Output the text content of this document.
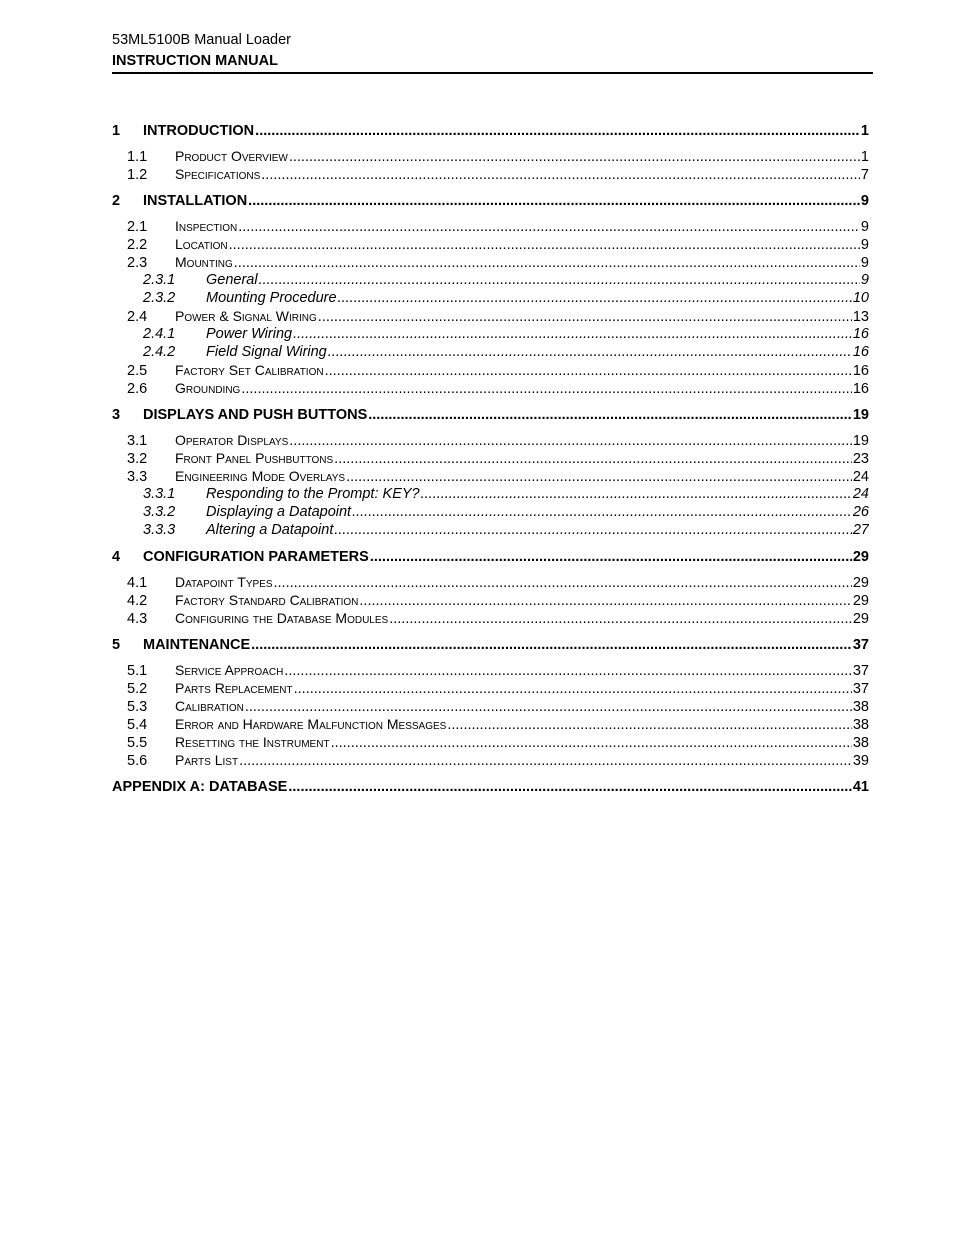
53ML5100B Manual Loader
INSTRUCTION MANUAL
1	INTRODUCTION .....	1
1.1	Product Overview .....	1
1.2	Specifications .....	7
2	INSTALLATION .....	9
2.1	Inspection .....	9
2.2	Location .....	9
2.3	Mounting .....	9
2.3.1	General .....	9
2.3.2	Mounting Procedure .....	10
2.4	Power & Signal Wiring .....	13
2.4.1	Power Wiring .....	16
2.4.2	Field Signal Wiring .....	16
2.5	Factory Set Calibration .....	16
2.6	Grounding .....	16
3	DISPLAYS AND PUSH BUTTONS .....	19
3.1	Operator Displays .....	19
3.2	Front Panel Pushbuttons .....	23
3.3	Engineering Mode Overlays .....	24
3.3.1	Responding to the Prompt: KEY? .....	24
3.3.2	Displaying a Datapoint .....	26
3.3.3	Altering a Datapoint .....	27
4	CONFIGURATION PARAMETERS .....	29
4.1	Datapoint Types .....	29
4.2	Factory Standard Calibration .....	29
4.3	Configuring the Database Modules .....	29
5	MAINTENANCE .....	37
5.1	Service Approach .....	37
5.2	Parts Replacement .....	37
5.3	Calibration .....	38
5.4	Error and Hardware Malfunction Messages .....	38
5.5	Resetting the Instrument .....	38
5.6	Parts List .....	39
APPENDIX A: DATABASE .....	41
